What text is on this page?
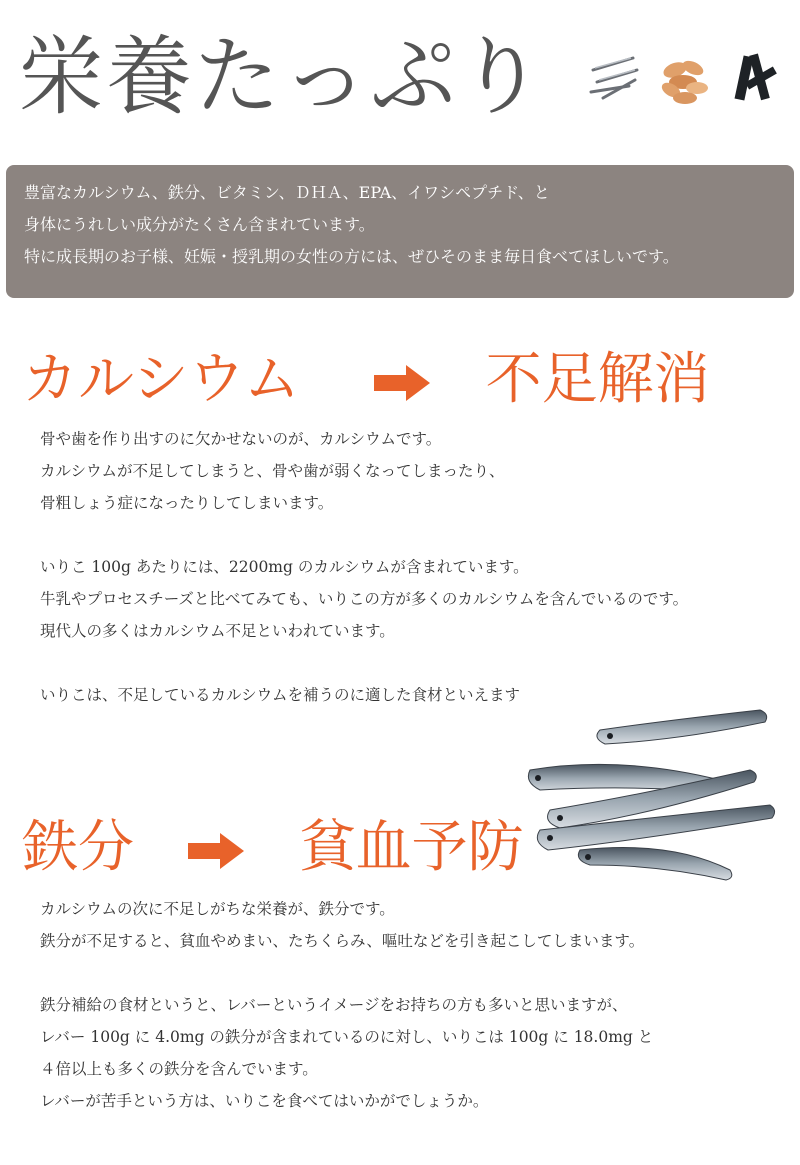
栄養たっぷり

豊富なカルシウム、鉄分、ビタミン、ＤＨＡ、EPA、イワシペプチド、と

身体にうれしい成分がたくさん含まれています。

特に成長期のお子様、妊娠・授乳期の女性の方には、ぜひそのまま毎日食べてほしいです。

カルシウム	不足解消

骨や歯を作り出すのに欠かせないのが、カルシウムです。

カルシウムが不足してしまうと、骨や歯が弱くなってしまったり、

骨粗しょう症になったりしてしまいます。

いりこ 100g あたりには、2200mg のカルシウムが含まれています。

牛乳やプロセスチーズと比べてみても、いりこの方が多くのカルシウムを含んでいるのです。

現代人の多くはカルシウム不足といわれています。

いりこは、不足しているカルシウムを補うのに適した食材といえます

鉄分	貧血予防

カルシウムの次に不足しがちな栄養が、鉄分です。

鉄分が不足すると、貧血やめまい、たちくらみ、嘔吐などを引き起こしてしまいます。

鉄分補給の食材というと、レバーというイメージをお持ちの方も多いと思いますが、

レバー 100g に 4.0mg の鉄分が含まれているのに対し、いりこは 100g に 18.0mg と

４倍以上も多くの鉄分を含んでいます。

レバーが苦手という方は、いりこを食べてはいかがでしょうか。
